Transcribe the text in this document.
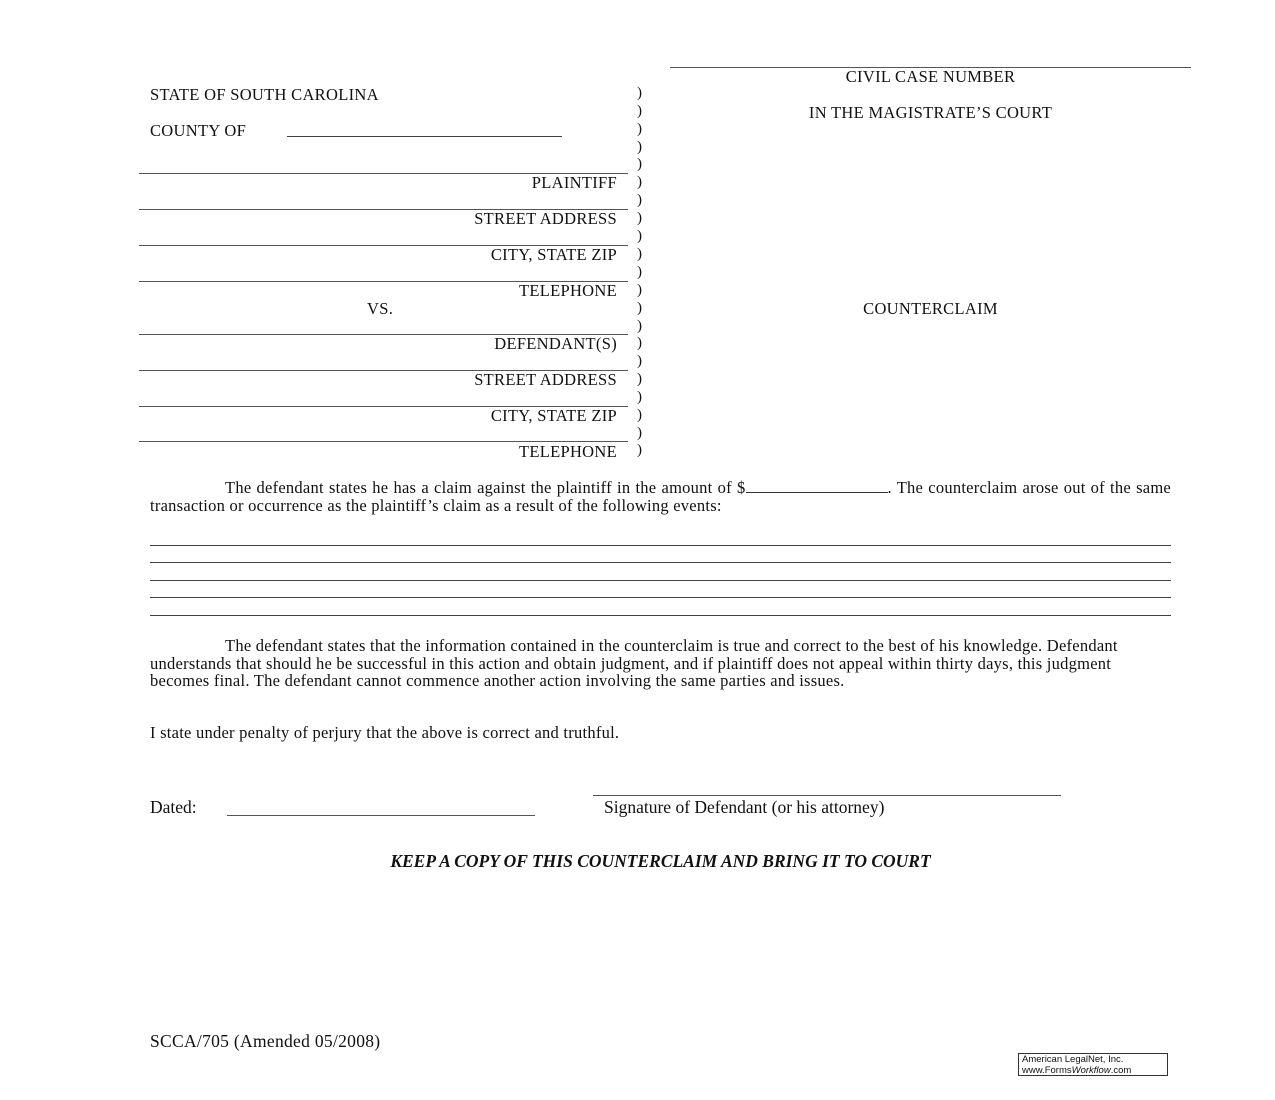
CIVIL CASE NUMBER
IN THE MAGISTRATE’S COURT
COUNTERCLAIM
STATE OF SOUTH CAROLINA
COUNTY OF
PLAINTIFF
STREET ADDRESS
CITY, STATE ZIP
TELEPHONE
VS.
DEFENDANT(S)
STREET ADDRESS
CITY, STATE ZIP
TELEPHONE
)
)
)
)
)
)
)
)
)
)
)
)
)
)
)
)
)
)
)
)
)
The defendant states he has a claim against the plaintiff in the amount of $	. The counterclaim arose out of the same transaction or occurrence as the plaintiff’s claim as a result of the following events:
The defendant states that the information contained in the counterclaim is true and correct to the best of his knowledge. Defendant understands that should he be successful in this action and obtain judgment, and if plaintiff does not appeal within thirty days, this judgment becomes final. The defendant cannot commence another action involving the same parties and issues.
I state under penalty of perjury that the above is correct and truthful.
Dated:	Signature of Defendant (or his attorney)
KEEP A COPY OF THIS COUNTERCLAIM AND BRING IT TO COURT
SCCA/705 (Amended 05/2008)
American LegalNet, Inc.
www.FormsWorkflow.com
